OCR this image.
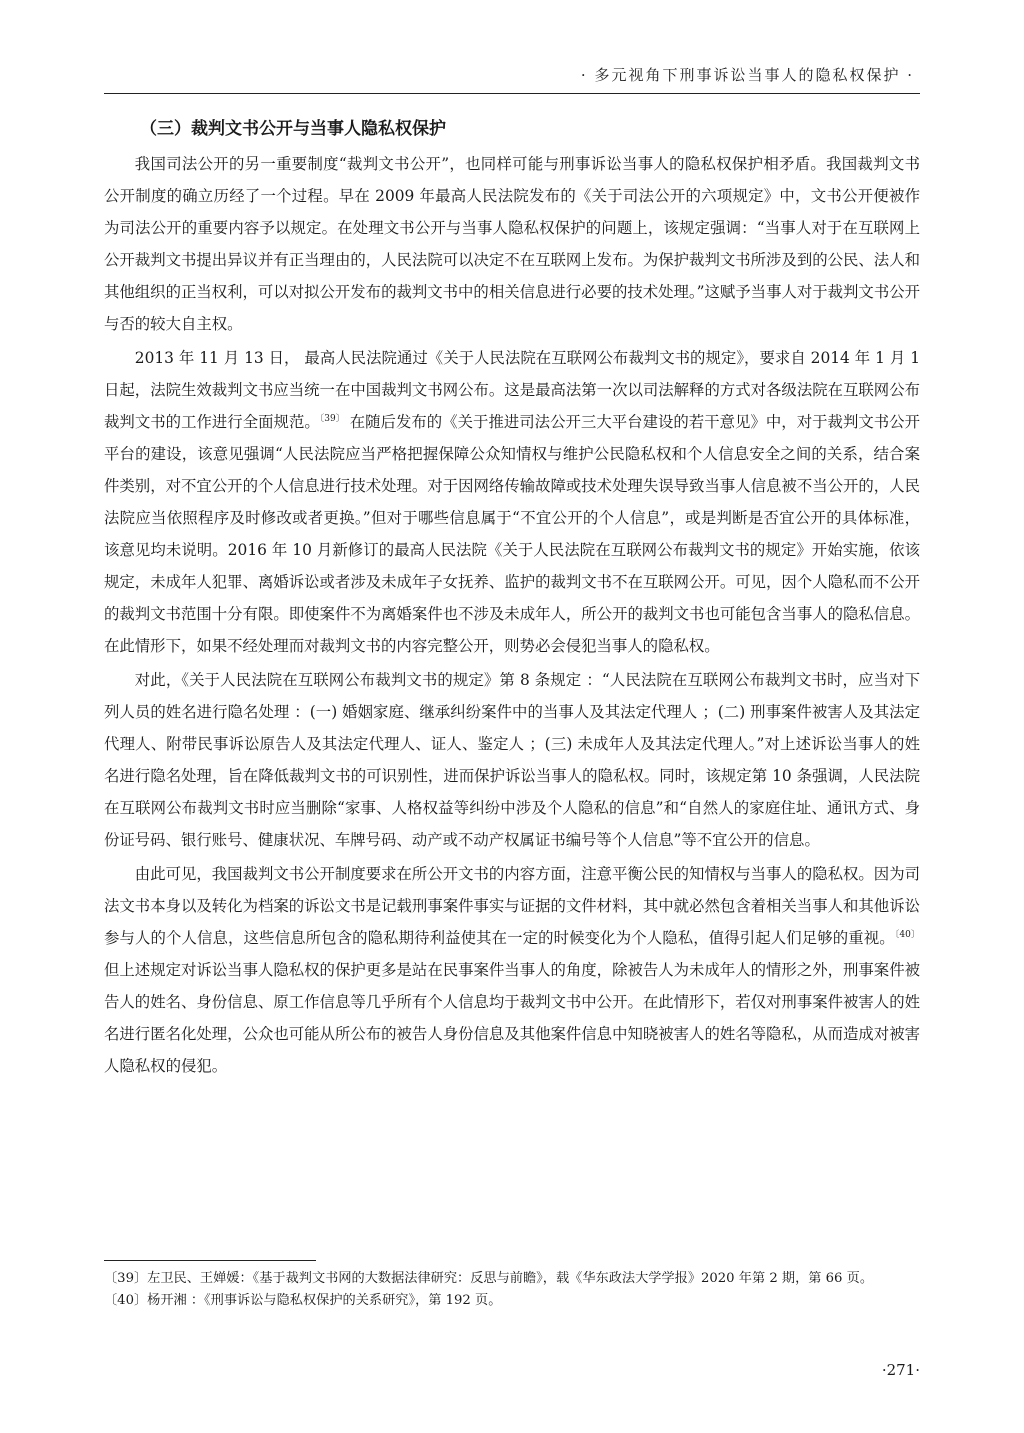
· 多元视角下刑事诉讼当事人的隐私权保护 ·
（三）裁判文书公开与当事人隐私权保护

我国司法公开的另一重要制度“裁判文书公开”，也同样可能与刑事诉讼当事人的隐私权保护相矛盾。我国裁判文书公开制度的确立历经了一个过程。早在 2009 年最高人民法院发布的《关于司法公开的六项规定》中，文书公开便被作为司法公开的重要内容予以规定。在处理文书公开与当事人隐私权保护的问题上，该规定强调：“当事人对于在互联网上公开裁判文书提出异议并有正当理由的，人民法院可以决定不在互联网上发布。为保护裁判文书所涉及到的公民、法人和其他组织的正当权利，可以对拟公开发布的裁判文书中的相关信息进行必要的技术处理。”这赋予当事人对于裁判文书公开与否的较大自主权。

2013 年 11 月 13 日， 最高人民法院通过《关于人民法院在互联网公布裁判文书的规定》，要求自 2014 年 1 月 1 日起，法院生效裁判文书应当统一在中国裁判文书网公布。这是最高法第一次以司法解释的方式对各级法院在互联网公布裁判文书的工作进行全面规范。$^{〔39〕}$ 在随后发布的《关于推进司法公开三大平台建设的若干意见》中，对于裁判文书公开平台的建设，该意见强调“人民法院应当严格把握保障公众知情权与维护公民隐私权和个人信息安全之间的关系，结合案件类别，对不宜公开的个人信息进行技术处理。对于因网络传输故障或技术处理失误导致当事人信息被不当公开的，人民法院应当依照程序及时修改或者更换。”但对于哪些信息属于“不宜公开的个人信息”，或是判断是否宜公开的具体标准，该意见均未说明。2016 年 10 月新修订的最高人民法院《关于人民法院在互联网公布裁判文书的规定》开始实施，依该规定，未成年人犯罪、离婚诉讼或者涉及未成年子女抚养、监护的裁判文书不在互联网公开。可见，因个人隐私而不公开的裁判文书范围十分有限。即使案件不为离婚案件也不涉及未成年人，所公开的裁判文书也可能包含当事人的隐私信息。在此情形下，如果不经处理而对裁判文书的内容完整公开，则势必会侵犯当事人的隐私权。

对此，《关于人民法院在互联网公布裁判文书的规定》第 8 条规定 ：“人民法院在互联网公布裁判文书时，应当对下列人员的姓名进行隐名处理 ：(一) 婚姻家庭、继承纠纷案件中的当事人及其法定代理人 ；(二) 刑事案件被害人及其法定代理人、附带民事诉讼原告人及其法定代理人、证人、鉴定人 ；(三) 未成年人及其法定代理人。”对上述诉讼当事人的姓名进行隐名处理，旨在降低裁判文书的可识别性，进而保护诉讼当事人的隐私权。同时，该规定第 10 条强调，人民法院在互联网公布裁判文书时应当删除“家事、人格权益等纠纷中涉及个人隐私的信息”和“自然人的家庭住址、通讯方式、身份证号码、银行账号、健康状况、车牌号码、动产或不动产权属证书编号等个人信息”等不宜公开的信息。

由此可见，我国裁判文书公开制度要求在所公开文书的内容方面，注意平衡公民的知情权与当事人的隐私权。因为司法文书本身以及转化为档案的诉讼文书是记载刑事案件事实与证据的文件材料，其中就必然包含着相关当事人和其他诉讼参与人的个人信息，这些信息所包含的隐私期待利益使其在一定的时候变化为个人隐私，值得引起人们足够的重视。$^{〔40〕}$ 但上述规定对诉讼当事人隐私权的保护更多是站在民事案件当事人的角度，除被告人为未成年人的情形之外，刑事案件被告人的姓名、身份信息、原工作信息等几乎所有个人信息均于裁判文书中公开。在此情形下，若仅对刑事案件被害人的姓名进行匿名化处理，公众也可能从所公布的被告人身份信息及其他案件信息中知晓被害人的姓名等隐私，从而造成对被害人隐私权的侵犯。

〔39〕左卫民、王婵媛：《基于裁判文书网的大数据法律研究：反思与前瞻》，载《华东政法大学学报》2020 年第 2 期，第 66 页。

〔40〕杨开湘 ：《刑事诉讼与隐私权保护的关系研究》，第 192 页。

·271·
